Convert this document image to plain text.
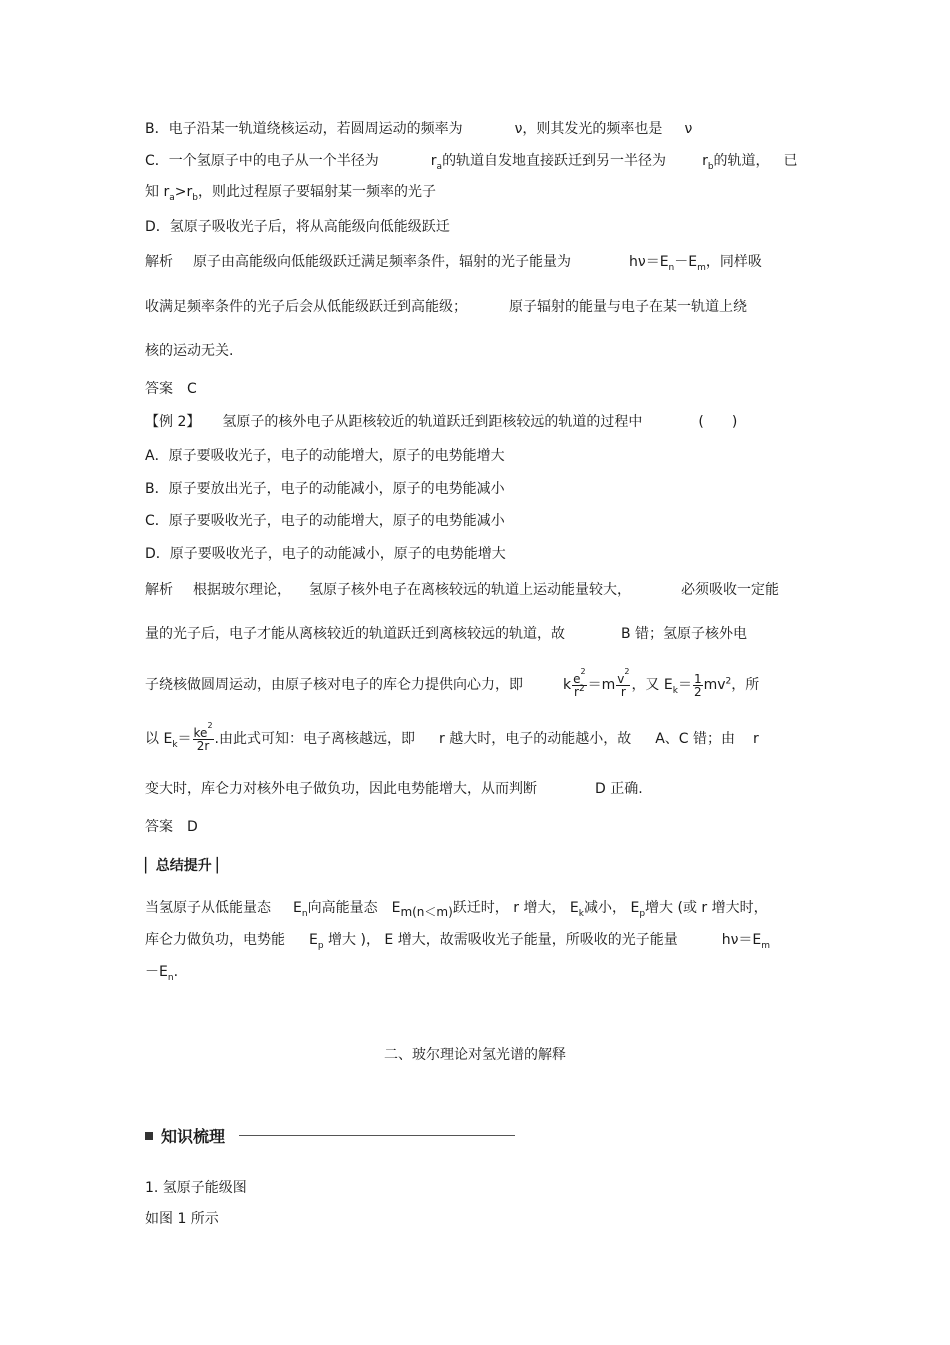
B．电子沿某一轨道绕核运动，若圆周运动的频率为	ν，则其发光的频率也是 ν
C．一个氢原子中的电子从一个半径为	$r_a$的轨道自发地直接跃迁到另一半径为	$r_b$的轨道， 已
知 $r_a>r_b$，则此过程原子要辐射某一频率的光子
D．氢原子吸收光子后，将从高能级向低能级跃迁
解析 原子由高能级向低能级跃迁满足频率条件，辐射的光子能量为	$h\nu=E_n-E_m$，同样吸
收满足频率条件的光子后会从低能级跃迁到高能级；	原子辐射的能量与电子在某一轨道上绕
核的运动无关.
答案　C
【例 2】 氢原子的核外电子从距核较近的轨道跃迁到距核较远的轨道的过程中	(　　)
A．原子要吸收光子，电子的动能增大，原子的电势能增大
B．原子要放出光子，电子的动能减小，原子的电势能减小
C．原子要吸收光子，电子的动能增大，原子的电势能减小
D．原子要吸收光子，电子的动能减小，原子的电势能增大
解析 根据玻尔理论， 氢原子核外电子在离核较远的轨道上运动能量较大，	必须吸收一定能
量的光子后，电子才能从离核较近的轨道跃迁到离核较远的轨道，故	B 错；氢原子核外电
子绕核做圆周运动，由原子核对电子的库仑力提供向心力，即	k $\frac{e^2}{r^2} =m \frac{v^2}{r}$ ，又 $E_k= \frac{1}{2} mv^2$，所
以 $E_k= \frac{ke^2}{2r}$ .由此式可知：电子离核越远，即 r 越大时，电子的动能越小，故 A、C 错；由 r
变大时，库仑力对核外电子做负功，因此电势能增大，从而判断	D 正确.
答案　D
▏总结提升 ▏
当氢原子从低能量态 $E_n$向高能量态 $E_{m(n<m)}$跃迁时， r 增大， $E_k$减小， $E_p$增大 (或 r 增大时，
库仑力做负功，电势能 $E_p$ 增大 )， E 增大，故需吸收光子能量，所吸收的光子能量	$h\nu=E_m$
$-E_n$.
二、玻尔理论对氢光谱的解释
知识梳理
1. 氢原子能级图
如图 1 所示
